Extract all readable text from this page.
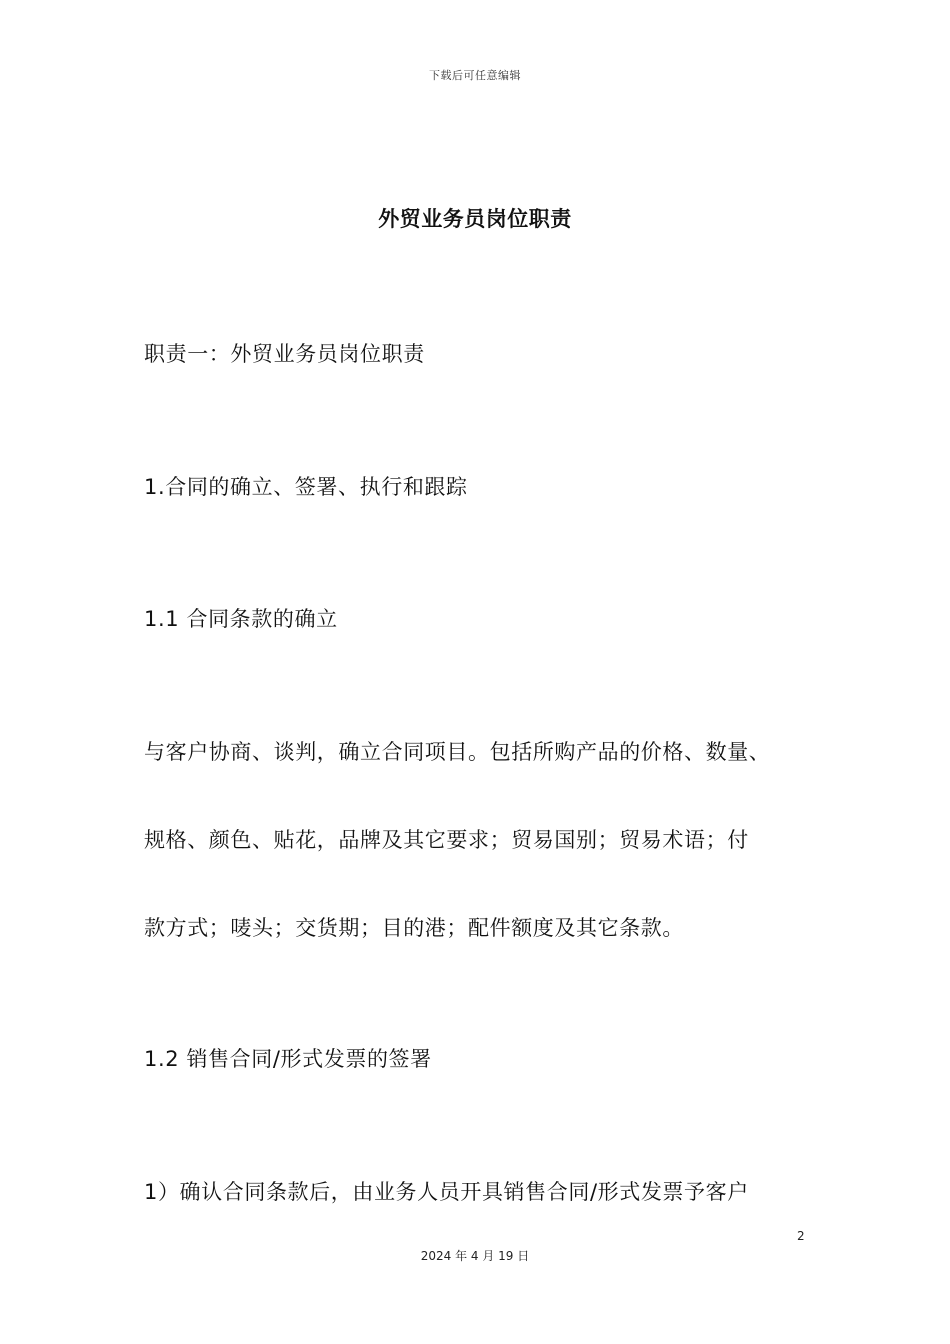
下载后可任意编辑
外贸业务员岗位职责
职责一：外贸业务员岗位职责
1.合同的确立、签署、执行和跟踪
1.1 合同条款的确立
与客户协商、谈判，确立合同项目。包括所购产品的价格、数量、
规格、颜色、贴花，品牌及其它要求；贸易国别；贸易术语；付
款方式；唛头；交货期；目的港；配件额度及其它条款。
1.2 销售合同/形式发票的签署
1）确认合同条款后，由业务人员开具销售合同/形式发票予客户
2
2024 年 4 月 19 日
